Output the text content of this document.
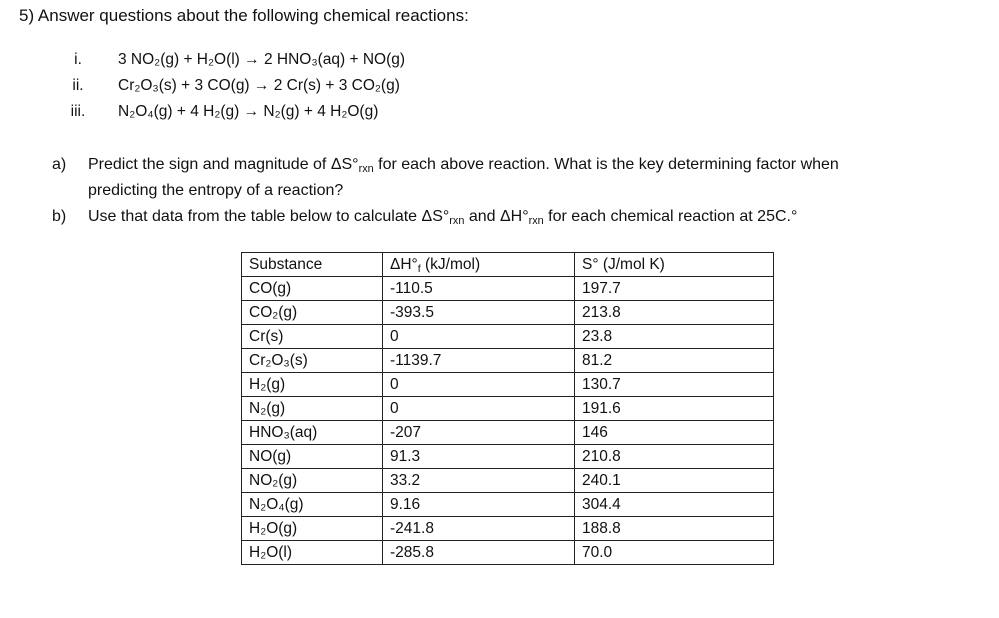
5) Answer questions about the following chemical reactions:
i.	3 NO₂(g) + H₂O(l) → 2 HNO₃(aq) + NO(g)
ii.	Cr₂O₃(s) + 3 CO(g) → 2 Cr(s) + 3 CO₂(g)
iii.	N₂O₄(g) + 4 H₂(g) → N₂(g) + 4 H₂O(g)
a) Predict the sign and magnitude of $\Delta S^\circ_{rxn}$ for each above reaction. What is the key determining factor when
predicting the entropy of a reaction?
b) Use that data from the table below to calculate $\Delta S^\circ_{rxn}$ and $\Delta H^\circ_{rxn}$ for each chemical reaction at 25C.°
Substance	$\Delta H^\circ_f$ (kJ/mol)	S° (J/mol K)
CO(g)	-110.5	197.7
CO₂(g)	-393.5	213.8
Cr(s)	0	23.8
Cr₂O₃(s)	-1139.7	81.2
H₂(g)	0	130.7
N₂(g)	0	191.6
HNO₃(aq)	-207	146
NO(g)	91.3	210.8
NO₂(g)	33.2	240.1
N₂O₄(g)	9.16	304.4
H₂O(g)	-241.8	188.8
H₂O(l)	-285.8	70.0
